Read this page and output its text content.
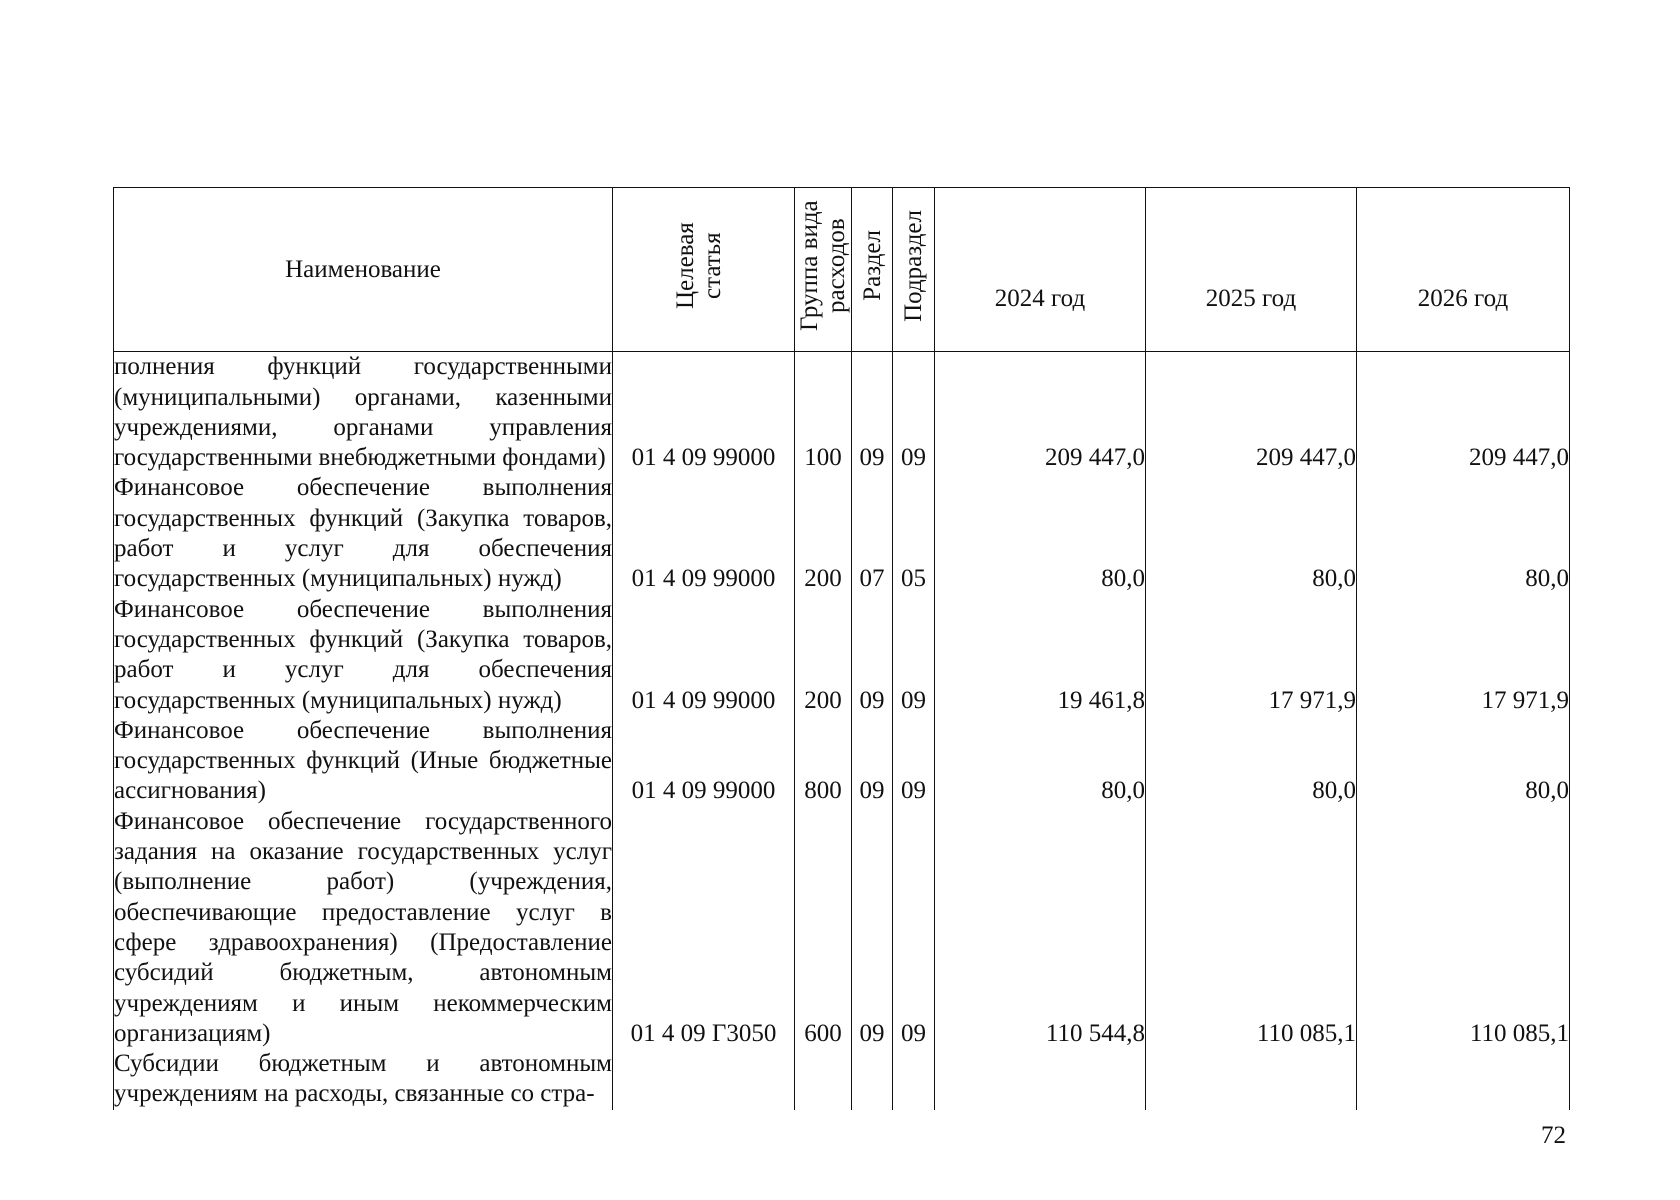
Наименование	Целевая статья	Группа вида расходов	Раздел	Подраздел	2024 год	2025 год	2026 год

полнения функций государственными (муниципальными) органами, казенными учреждениями, органами управления государственными внебюджетными фондами)	01 4 09 99000	100	09	09	209 447,0	209 447,0	209 447,0
Финансовое обеспечение выполнения государственных функций (Закупка товаров, работ и услуг для обеспечения государственных (муниципальных) нужд)	01 4 09 99000	200	07	05	80,0	80,0	80,0
Финансовое обеспечение выполнения государственных функций (Закупка товаров, работ и услуг для обеспечения государственных (муниципальных) нужд)	01 4 09 99000	200	09	09	19 461,8	17 971,9	17 971,9
Финансовое обеспечение выполнения государственных функций (Иные бюджетные ассигнования)	01 4 09 99000	800	09	09	80,0	80,0	80,0
Финансовое обеспечение государственного задания на оказание государственных услуг (выполнение работ) (учреждения, обеспечивающие предоставление услуг в сфере здравоохранения) (Предоставление субсидий бюджетным, автономным учреждениям и иным некоммерческим организациям)	01 4 09 Г3050	600	09	09	110 544,8	110 085,1	110 085,1
Субсидии бюджетным и автономным учреждениям на расходы, связанные со стра-							
72
